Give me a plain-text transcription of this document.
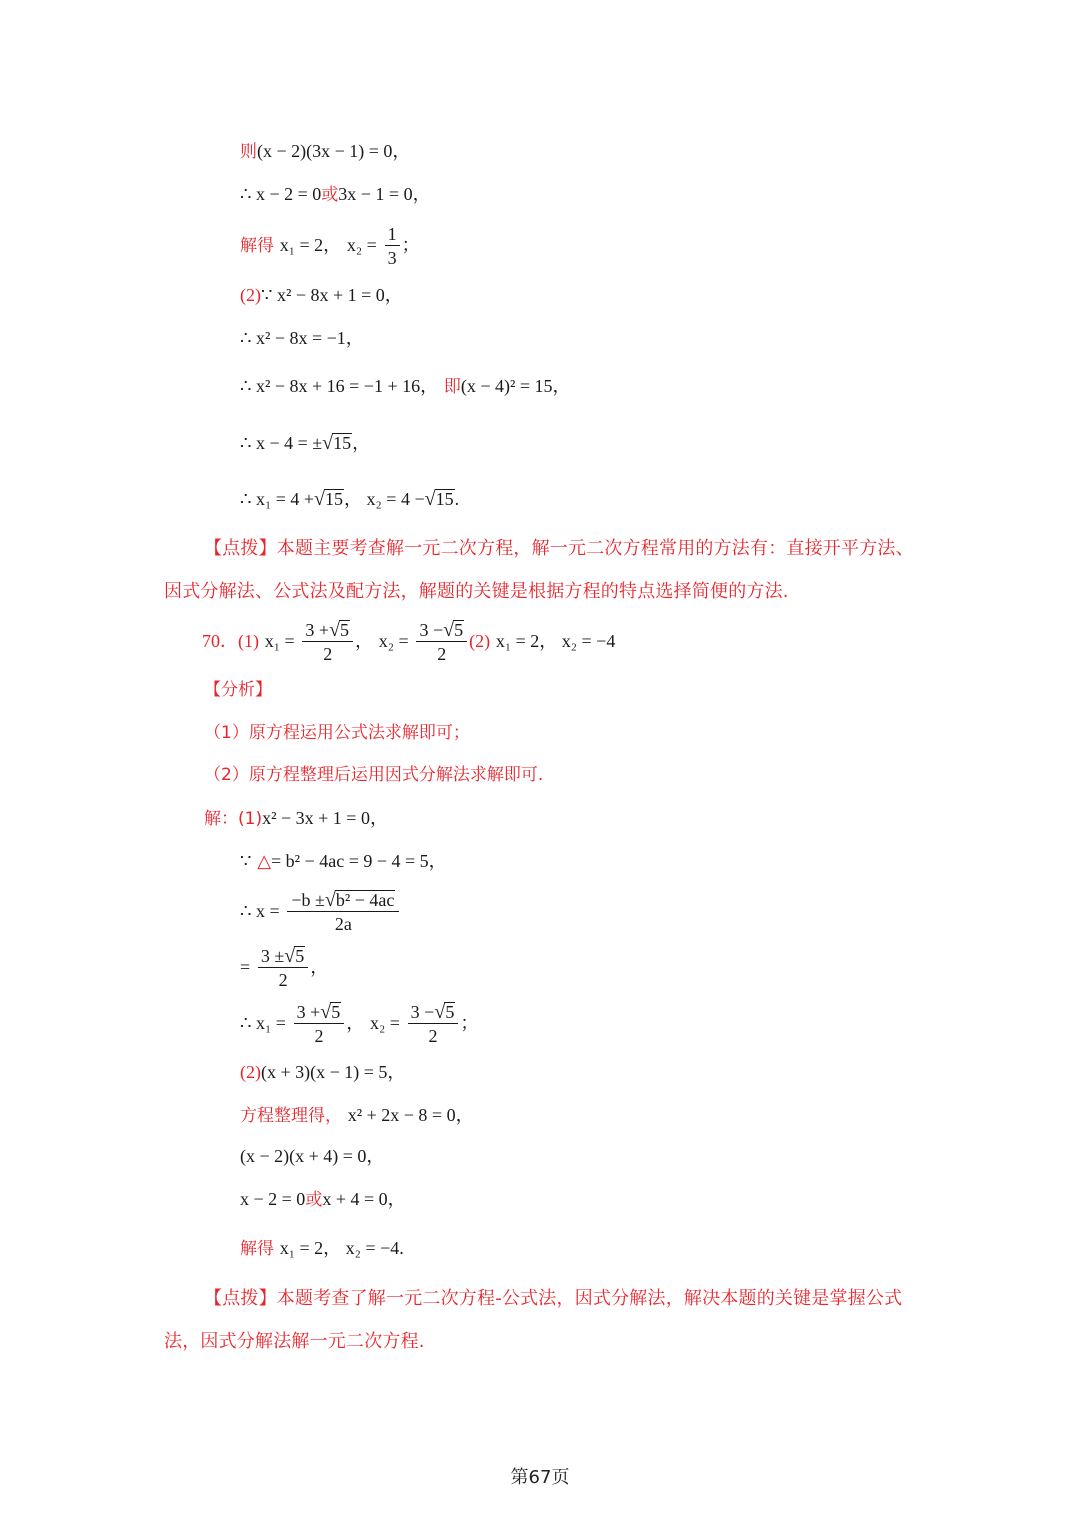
则(x − 2)(3x − 1) = 0，
∴ x − 2 = 0或3x − 1 = 0，
解得 x₁ = 2， $x_2 = \frac{1}{3}$ ；
(2)∵ x² − 8x + 1 = 0，
∴ x² − 8x = −1，
∴ x² − 8x + 16 = −1 + 16， 即(x − 4)² = 15，
∴ x − 4 = ±√15，
∴ x₁ = 4 +√15， x₂ = 4 −√15.
【点拨】本题主要考查解一元二次方程，解一元二次方程常用的方法有：直接开平方法、因式分解法、公式法及配方法，解题的关键是根据方程的特点选择简便的方法.
70．(1) $x_1 = \frac{3 +√5}{2}$ ， $x_2 = \frac{3 -√5}{2} (2) x_1 = 2$， x₂ = −4
【分析】
（1）原方程运用公式法求解即可；
（2）原方程整理后运用因式分解法求解即可.
解：(1)x² − 3x + 1 = 0，
∵ △= b² − 4ac = 9 − 4 = 5，
∴ $x = \frac{\text{−b ±√b² − 4ac}}{2a}$
= $\frac{3 \pm√5}{2}$ ，
∴ $x_1 = \frac{3 +√5}{2}$ ， $x_2 = \frac{3 -√5}{2}$ ；
(2)(x + 3)(x − 1) = 5，
方程整理得， x² + 2x − 8 = 0，
(x − 2)(x + 4) = 0，
x − 2 = 0或x + 4 = 0，
解得 x₁ = 2， x₂ = −4.
【点拨】本题考查了解一元二次方程-公式法，因式分解法，解决本题的关键是掌握公式法，因式分解法解一元二次方程.
第67页
